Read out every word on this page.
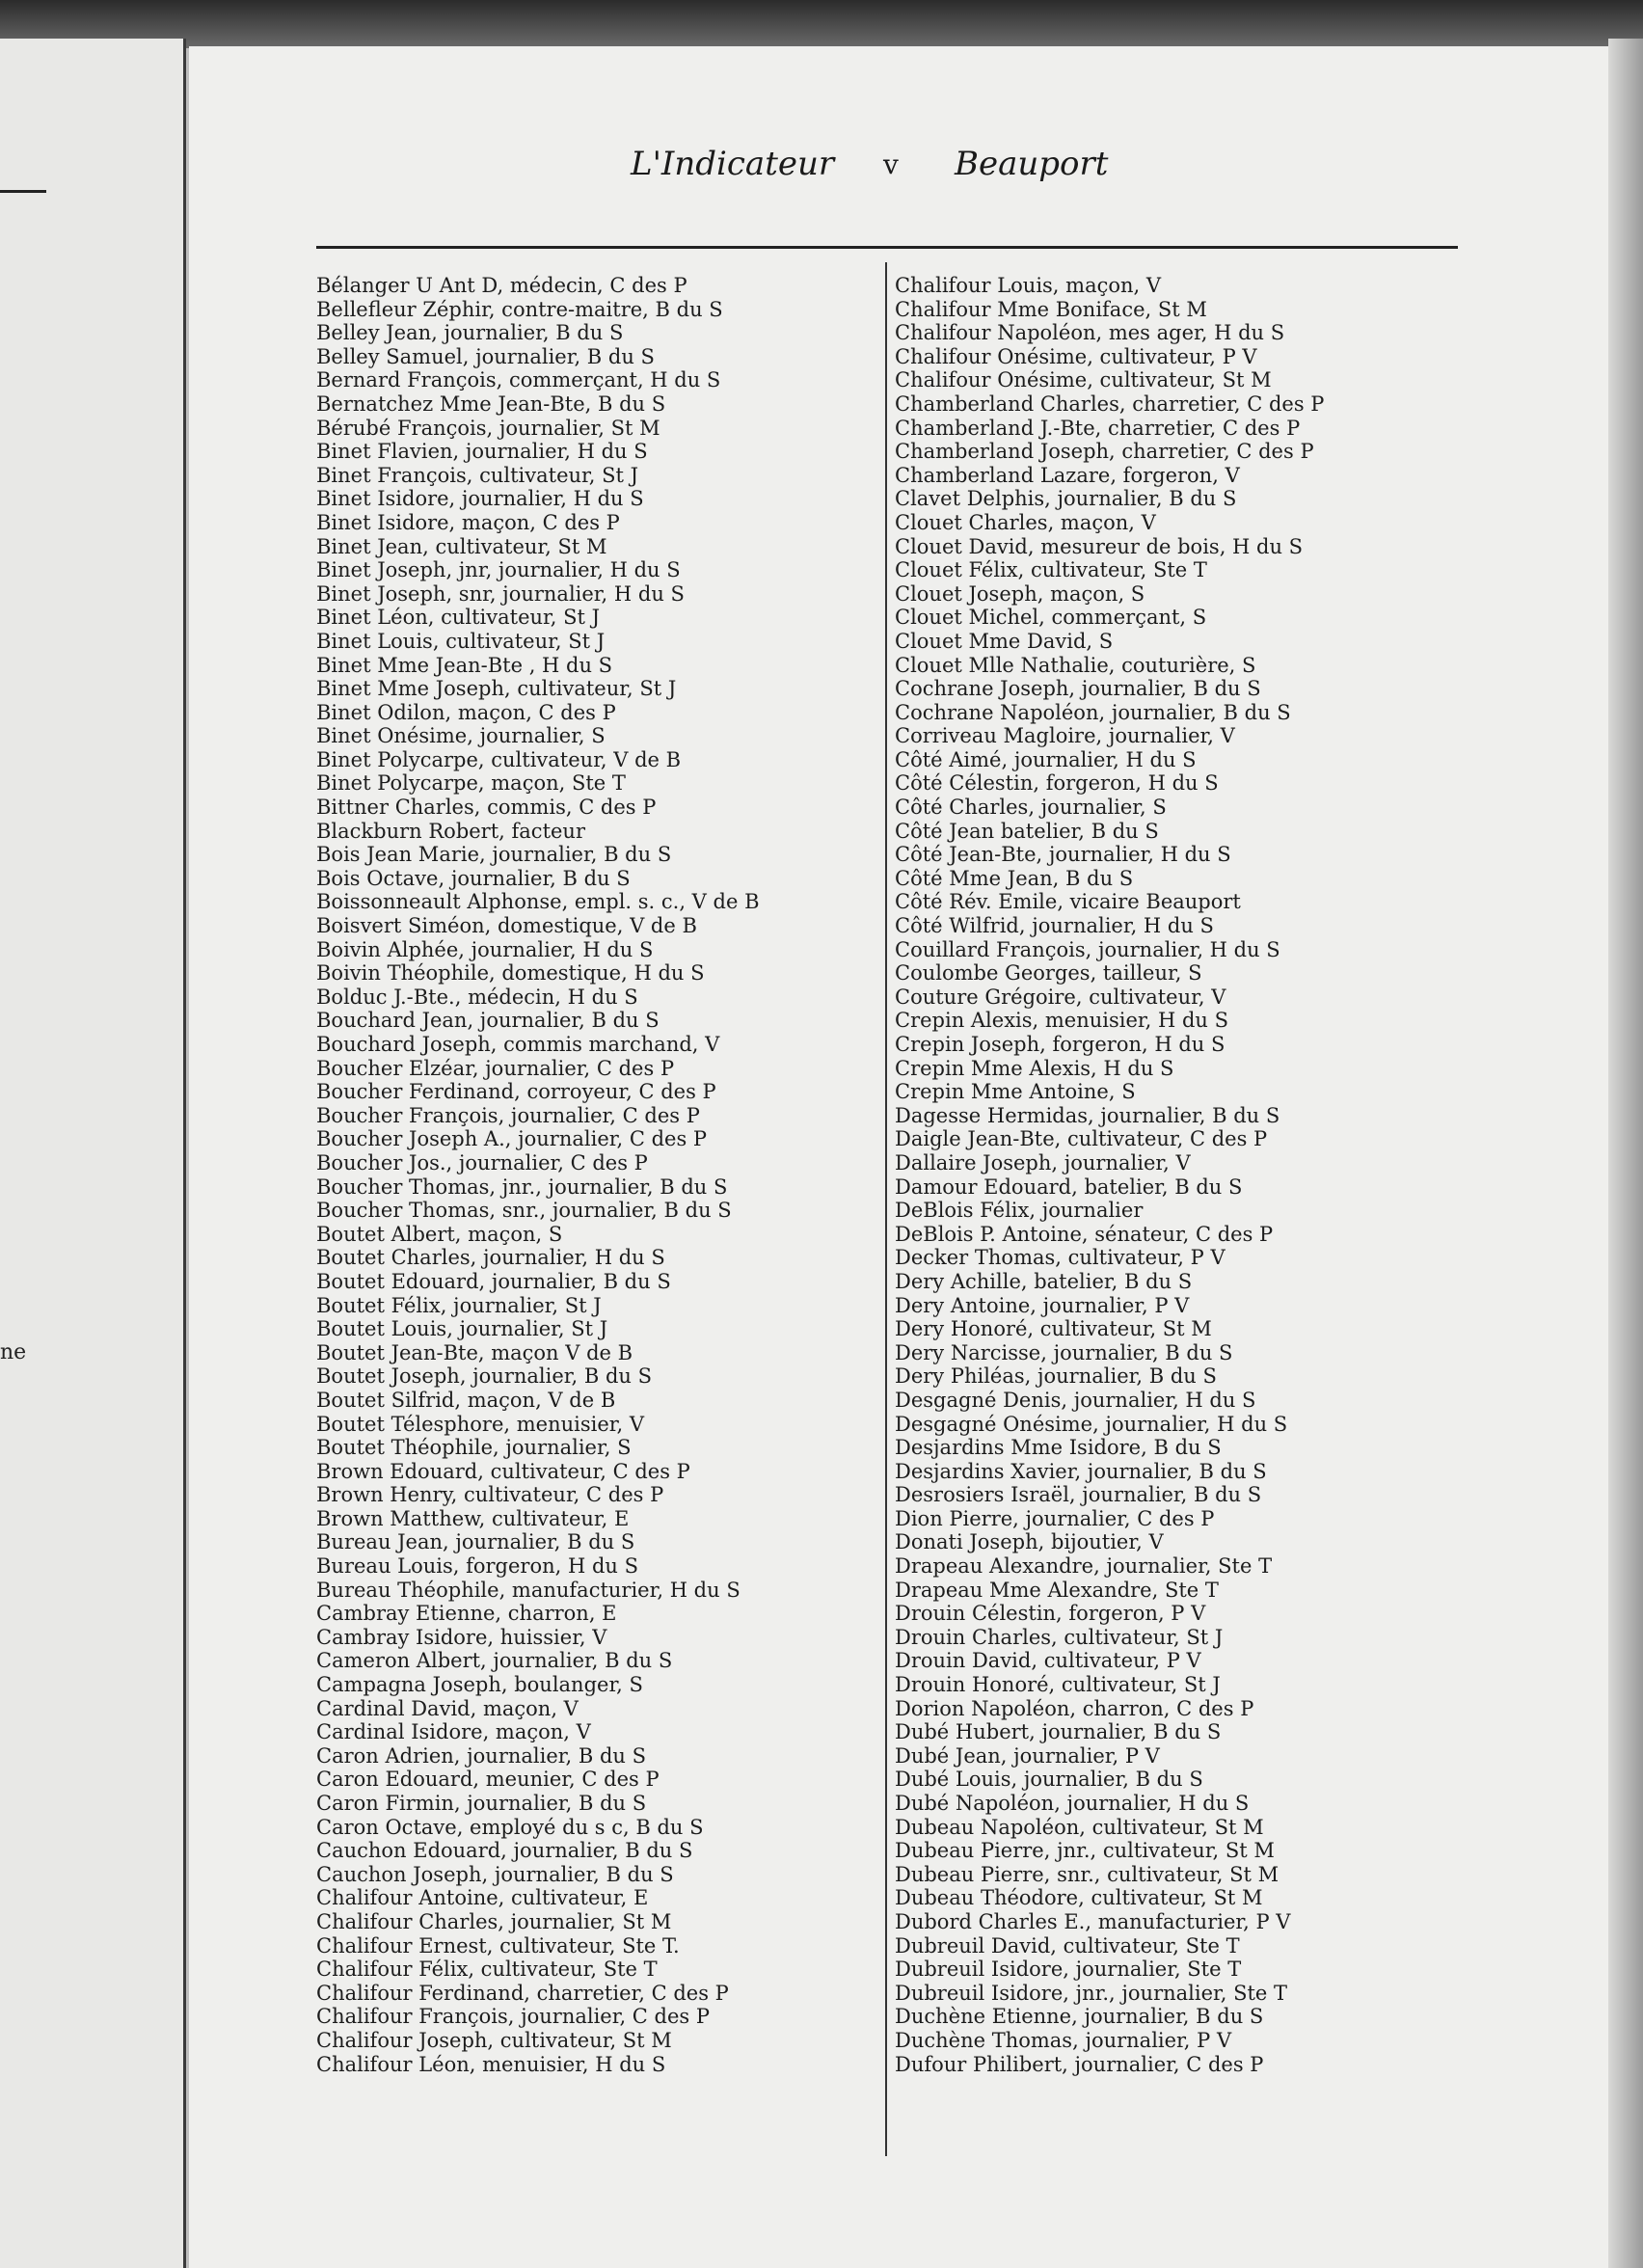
ne
L'Indicateur v Beauport
Bélanger U Ant D, médecin, C des P
Bellefleur Zéphir, contre-maitre, B du S
Belley Jean, journalier, B du S
Belley Samuel, journalier, B du S
Bernard François, commerçant, H du S
Bernatchez Mme Jean-Bte, B du S
Bérubé François, journalier, St M
Binet Flavien, journalier, H du S
Binet François, cultivateur, St J
Binet Isidore, journalier, H du S
Binet Isidore, maçon, C des P
Binet Jean, cultivateur, St M
Binet Joseph, jnr, journalier, H du S
Binet Joseph, snr, journalier, H du S
Binet Léon, cultivateur, St J
Binet Louis, cultivateur, St J
Binet Mme Jean-Bte , H du S
Binet Mme Joseph, cultivateur, St J
Binet Odilon, maçon, C des P
Binet Onésime, journalier, S
Binet Polycarpe, cultivateur, V de B
Binet Polycarpe, maçon, Ste T
Bittner Charles, commis, C des P
Blackburn Robert, facteur
Bois Jean Marie, journalier, B du S
Bois Octave, journalier, B du S
Boissonneault Alphonse, empl. s. c., V de B
Boisvert Siméon, domestique, V de B
Boivin Alphée, journalier, H du S
Boivin Théophile, domestique, H du S
Bolduc J.-Bte., médecin, H du S
Bouchard Jean, journalier, B du S
Bouchard Joseph, commis marchand, V
Boucher Elzéar, journalier, C des P
Boucher Ferdinand, corroyeur, C des P
Boucher François, journalier, C des P
Boucher Joseph A., journalier, C des P
Boucher Jos., journalier, C des P
Boucher Thomas, jnr., journalier, B du S
Boucher Thomas, snr., journalier, B du S
Boutet Albert, maçon, S
Boutet Charles, journalier, H du S
Boutet Edouard, journalier, B du S
Boutet Félix, journalier, St J
Boutet Louis, journalier, St J
Boutet Jean-Bte, maçon V de B
Boutet Joseph, journalier, B du S
Boutet Silfrid, maçon, V de B
Boutet Télesphore, menuisier, V
Boutet Théophile, journalier, S
Brown Edouard, cultivateur, C des P
Brown Henry, cultivateur, C des P
Brown Matthew, cultivateur, E
Bureau Jean, journalier, B du S
Bureau Louis, forgeron, H du S
Bureau Théophile, manufacturier, H du S
Cambray Etienne, charron, E
Cambray Isidore, huissier, V
Cameron Albert, journalier, B du S
Campagna Joseph, boulanger, S
Cardinal David, maçon, V
Cardinal Isidore, maçon, V
Caron Adrien, journalier, B du S
Caron Edouard, meunier, C des P
Caron Firmin, journalier, B du S
Caron Octave, employé du s c, B du S
Cauchon Edouard, journalier, B du S
Cauchon Joseph, journalier, B du S
Chalifour Antoine, cultivateur, E
Chalifour Charles, journalier, St M
Chalifour Ernest, cultivateur, Ste T.
Chalifour Félix, cultivateur, Ste T
Chalifour Ferdinand, charretier, C des P
Chalifour François, journalier, C des P
Chalifour Joseph, cultivateur, St M
Chalifour Léon, menuisier, H du S
Chalifour Louis, maçon, V
Chalifour Mme Boniface, St M
Chalifour Napoléon, mes ager, H du S
Chalifour Onésime, cultivateur, P V
Chalifour Onésime, cultivateur, St M
Chamberland Charles, charretier, C des P
Chamberland J.-Bte, charretier, C des P
Chamberland Joseph, charretier, C des P
Chamberland Lazare, forgeron, V
Clavet Delphis, journalier, B du S
Clouet Charles, maçon, V
Clouet David, mesureur de bois, H du S
Clouet Félix, cultivateur, Ste T
Clouet Joseph, maçon, S
Clouet Michel, commerçant, S
Clouet Mme David, S
Clouet Mlle Nathalie, couturière, S
Cochrane Joseph, journalier, B du S
Cochrane Napoléon, journalier, B du S
Corriveau Magloire, journalier, V
Côté Aimé, journalier, H du S
Côté Célestin, forgeron, H du S
Côté Charles, journalier, S
Côté Jean batelier, B du S
Côté Jean-Bte, journalier, H du S
Côté Mme Jean, B du S
Côté Rév. Emile, vicaire Beauport
Côté Wilfrid, journalier, H du S
Couillard François, journalier, H du S
Coulombe Georges, tailleur, S
Couture Grégoire, cultivateur, V
Crepin Alexis, menuisier, H du S
Crepin Joseph, forgeron, H du S
Crepin Mme Alexis, H du S
Crepin Mme Antoine, S
Dagesse Hermidas, journalier, B du S
Daigle Jean-Bte, cultivateur, C des P
Dallaire Joseph, journalier, V
Damour Edouard, batelier, B du S
DeBlois Félix, journalier
DeBlois P. Antoine, sénateur, C des P
Decker Thomas, cultivateur, P V
Dery Achille, batelier, B du S
Dery Antoine, journalier, P V
Dery Honoré, cultivateur, St M
Dery Narcisse, journalier, B du S
Dery Philéas, journalier, B du S
Desgagné Denis, journalier, H du S
Desgagné Onésime, journalier, H du S
Desjardins Mme Isidore, B du S
Desjardins Xavier, journalier, B du S
Desrosiers Israël, journalier, B du S
Dion Pierre, journalier, C des P
Donati Joseph, bijoutier, V
Drapeau Alexandre, journalier, Ste T
Drapeau Mme Alexandre, Ste T
Drouin Célestin, forgeron, P V
Drouin Charles, cultivateur, St J
Drouin David, cultivateur, P V
Drouin Honoré, cultivateur, St J
Dorion Napoléon, charron, C des P
Dubé Hubert, journalier, B du S
Dubé Jean, journalier, P V
Dubé Louis, journalier, B du S
Dubé Napoléon, journalier, H du S
Dubeau Napoléon, cultivateur, St M
Dubeau Pierre, jnr., cultivateur, St M
Dubeau Pierre, snr., cultivateur, St M
Dubeau Théodore, cultivateur, St M
Dubord Charles E., manufacturier, P V
Dubreuil David, cultivateur, Ste T
Dubreuil Isidore, journalier, Ste T
Dubreuil Isidore, jnr., journalier, Ste T
Duchène Etienne, journalier, B du S
Duchène Thomas, journalier, P V
Dufour Philibert, journalier, C des P
